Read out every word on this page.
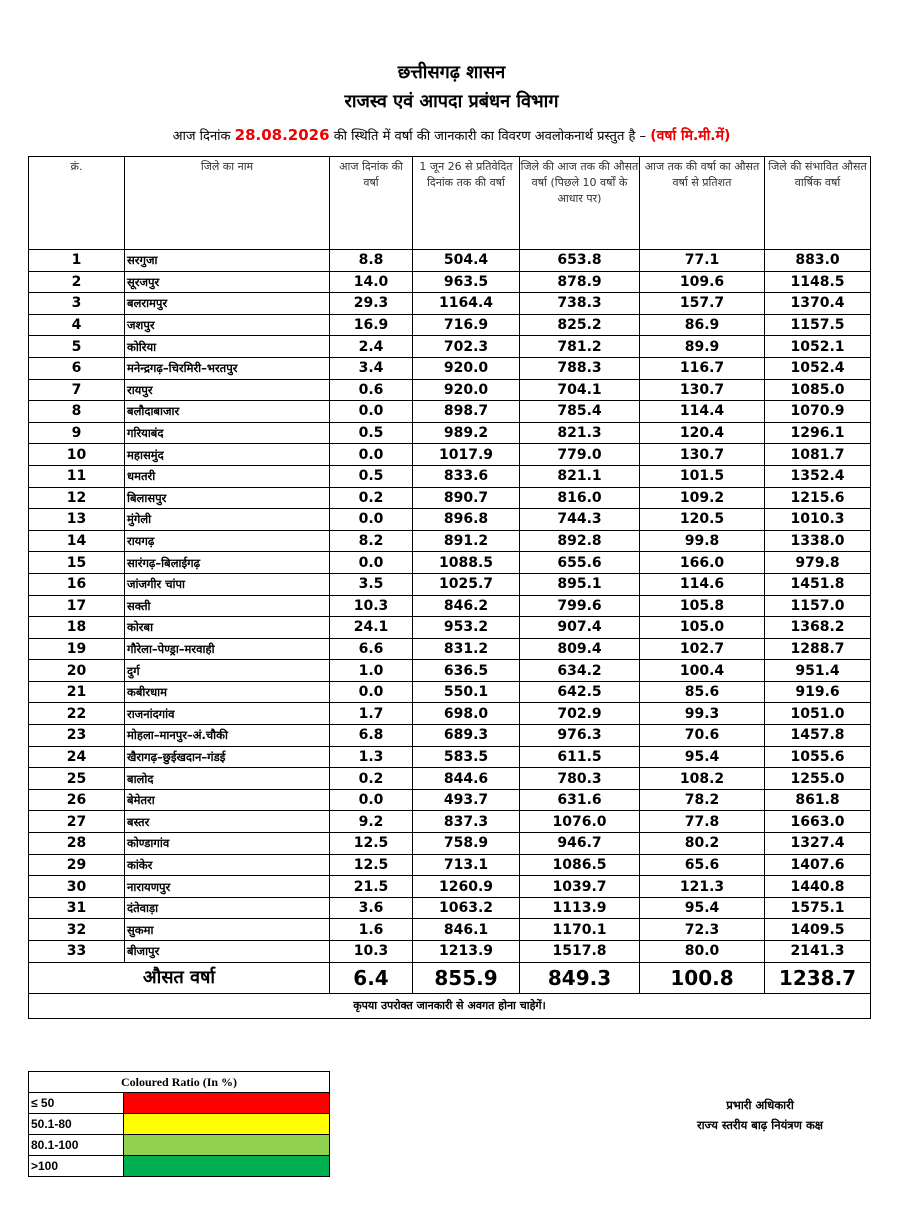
छत्तीसगढ़ शासन
राजस्व एवं आपदा प्रबंधन विभाग
आज दिनांक 28.08.2026 की स्थिति में वर्षा की जानकारी का विवरण अवलोकनार्थ प्रस्तुत है – (वर्षा मि.मी.में)
क्रं.	जिले का नाम	आज दिनांक की वर्षा	1 जून 26 से प्रतिवेदित दिनांक तक की वर्षा	जिले की आज तक की औसत वर्षा (पिछले 10 वर्षों के आधार पर)	आज तक की वर्षा का औसत वर्षा से प्रतिशत	जिले की संभावित औसत वार्षिक वर्षा
1	सरगुजा	8.8	504.4	653.8	77.1	883.0
2	सूरजपुर	14.0	963.5	878.9	109.6	1148.5
3	बलरामपुर	29.3	1164.4	738.3	157.7	1370.4
4	जशपुर	16.9	716.9	825.2	86.9	1157.5
5	कोरिया	2.4	702.3	781.2	89.9	1052.1
6	मनेन्द्रगढ़–चिरमिरी–भरतपुर	3.4	920.0	788.3	116.7	1052.4
7	रायपुर	0.6	920.0	704.1	130.7	1085.0
8	बलौदाबाजार	0.0	898.7	785.4	114.4	1070.9
9	गरियाबंद	0.5	989.2	821.3	120.4	1296.1
10	महासमुंद	0.0	1017.9	779.0	130.7	1081.7
11	धमतरी	0.5	833.6	821.1	101.5	1352.4
12	बिलासपुर	0.2	890.7	816.0	109.2	1215.6
13	मुंगेली	0.0	896.8	744.3	120.5	1010.3
14	रायगढ़	8.2	891.2	892.8	99.8	1338.0
15	सारंगढ़–बिलाईगढ़	0.0	1088.5	655.6	166.0	979.8
16	जांजगीर चांपा	3.5	1025.7	895.1	114.6	1451.8
17	सक्ती	10.3	846.2	799.6	105.8	1157.0
18	कोरबा	24.1	953.2	907.4	105.0	1368.2
19	गौरेला–पेण्ड्रा–मरवाही	6.6	831.2	809.4	102.7	1288.7
20	दुर्ग	1.0	636.5	634.2	100.4	951.4
21	कबीरधाम	0.0	550.1	642.5	85.6	919.6
22	राजनांदगांव	1.7	698.0	702.9	99.3	1051.0
23	मोहला–मानपुर–अं.चौकी	6.8	689.3	976.3	70.6	1457.8
24	खैरागढ़–छुईखदान–गंडई	1.3	583.5	611.5	95.4	1055.6
25	बालोद	0.2	844.6	780.3	108.2	1255.0
26	बेमेतरा	0.0	493.7	631.6	78.2	861.8
27	बस्तर	9.2	837.3	1076.0	77.8	1663.0
28	कोण्डागांव	12.5	758.9	946.7	80.2	1327.4
29	कांकेर	12.5	713.1	1086.5	65.6	1407.6
30	नारायणपुर	21.5	1260.9	1039.7	121.3	1440.8
31	दंतेवाड़ा	3.6	1063.2	1113.9	95.4	1575.1
32	सुकमा	1.6	846.1	1170.1	72.3	1409.5
33	बीजापुर	10.3	1213.9	1517.8	80.0	2141.3
औसत वर्षा		6.4	855.9	849.3	100.8	1238.7
कृपया उपरोक्त जानकारी से अवगत होना चाहेगें।						
Coloured Ratio (In %)	
≤ 50	
50.1-80	
80.1-100	
>100	
प्रभारी अधिकारी
राज्य स्तरीय बाढ़ नियंत्रण कक्ष
